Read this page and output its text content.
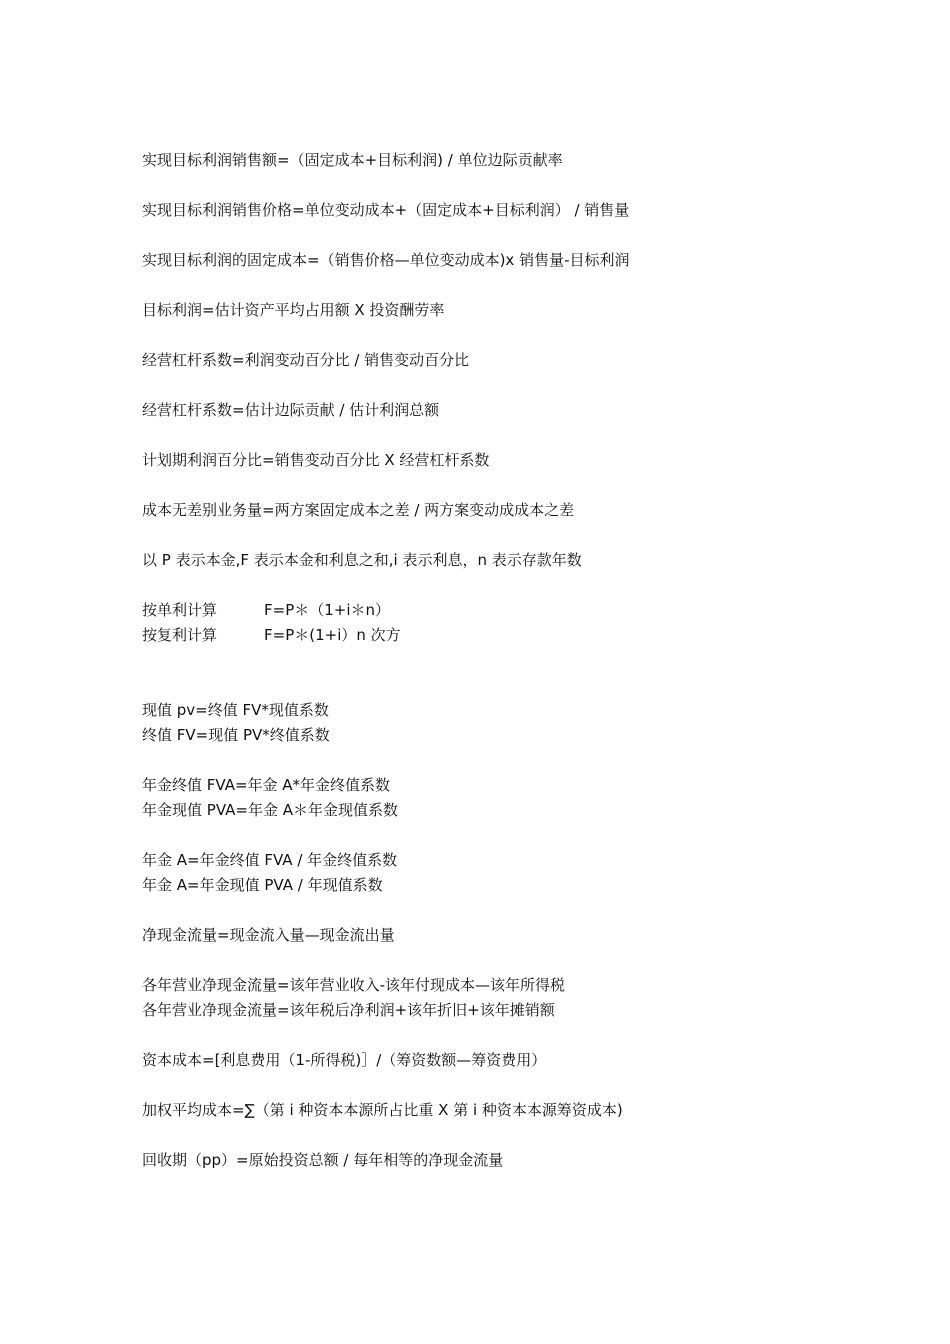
实现目标利润销售额=（固定成本+目标利润) / 单位边际贡献率

实现目标利润销售价格=单位变动成本+（固定成本+目标利润） / 销售量

实现目标利润的固定成本=（销售价格—单位变动成本)x 销售量-目标利润

目标利润=估计资产平均占用额 X 投资酬劳率

经营杠杆系数=利润变动百分比 / 销售变动百分比

经营杠杆系数=估计边际贡献 / 估计利润总额

计划期利润百分比=销售变动百分比 X 经营杠杆系数

成本无差别业务量=两方案固定成本之差 / 两方案变动成成本之差

以 P 表示本金,F 表示本金和利息之和,i 表示利息，n 表示存款年数

按单利计算	F=P＊（1+i＊n）

按复利计算	F=P＊(1+i）n 次方

现值 pv=终值 FV*现值系数

终值 FV=现值 PV*终值系数

年金终值 FVA=年金 A*年金终值系数

年金现值 PVA=年金 A＊年金现值系数

年金 A=年金终值 FVA / 年金终值系数

年金 A=年金现值 PVA / 年现值系数

净现金流量=现金流入量—现金流出量

各年营业净现金流量=该年营业收入-该年付现成本—该年所得税

各年营业净现金流量=该年税后净利润+该年折旧+该年摊销额

资本成本=[利息费用（1-所得税)］/（筹资数额—筹资费用）

加权平均成本=∑（第 i 种资本本源所占比重 X 第 i 种资本本源筹资成本)

回收期（pp）=原始投资总额 / 每年相等的净现金流量
